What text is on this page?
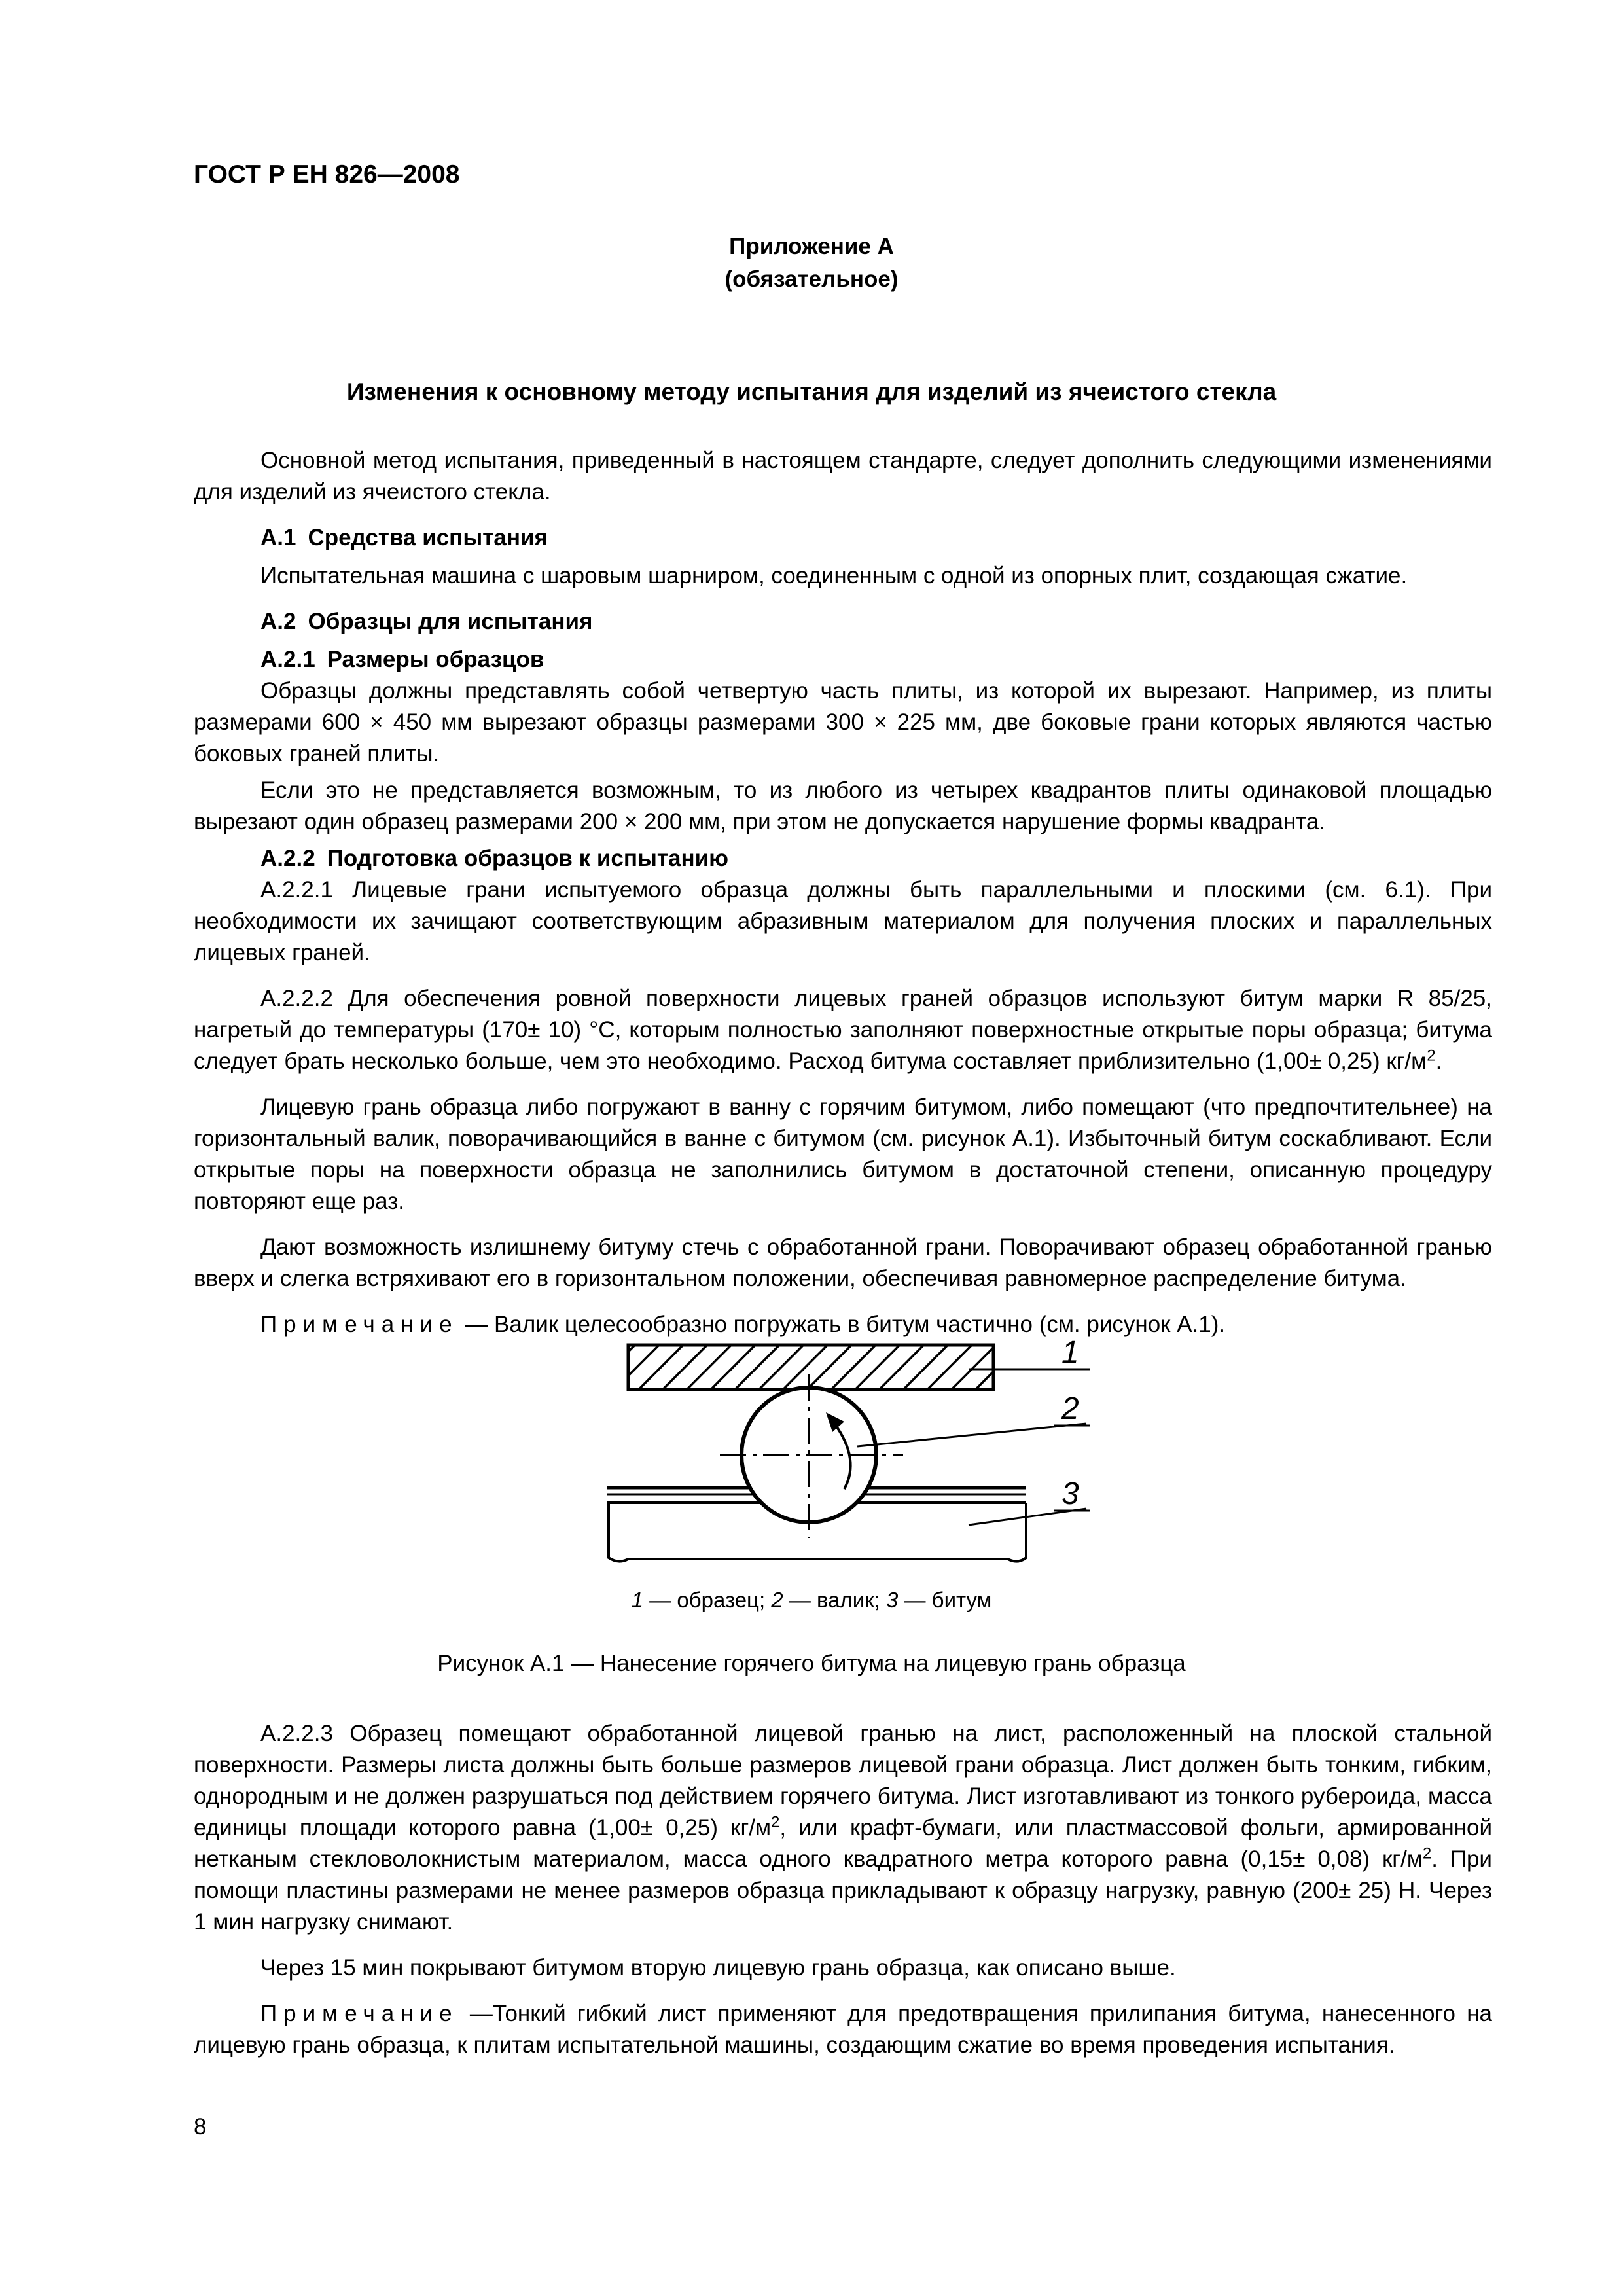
ГОСТ Р ЕН 826—2008
Приложение А
(обязательное)
Изменения к основному методу испытания для изделий из ячеистого стекла

Основной метод испытания, приведенный в настоящем стандарте, следует дополнить следующими изменениями для изделий из ячеистого стекла.

А.1 Средства испытания

Испытательная машина с шаровым шарниром, соединенным с одной из опорных плит, создающая сжатие.

А.2 Образцы для испытания
А.2.1 Размеры образцов

Образцы должны представлять собой четвертую часть плиты, из которой их вырезают. Например, из плиты размерами 600 × 450 мм вырезают образцы размерами 300 × 225 мм, две боковые грани которых являются частью боковых граней плиты.

Если это не представляется возможным, то из любого из четырех квадрантов плиты одинаковой площадью вырезают один образец размерами 200 × 200 мм, при этом не допускается нарушение формы квадранта.

А.2.2 Подготовка образцов к испытанию

А.2.2.1 Лицевые грани испытуемого образца должны быть параллельными и плоскими (см. 6.1). При необходимости их зачищают соответствующим абразивным материалом для получения плоских и параллельных лицевых граней.

А.2.2.2 Для обеспечения ровной поверхности лицевых граней образцов используют битум марки R 85/25, нагретый до температуры (170± 10) °С, которым полностью заполняют поверхностные открытые поры образца; битума следует брать несколько больше, чем это необходимо. Расход битума составляет приблизительно (1,00± 0,25) $кг/м^2$.

Лицевую грань образца либо погружают в ванну с горячим битумом, либо помещают (что предпочтительнее) на горизонтальный валик, поворачивающийся в ванне с битумом (см. рисунок А.1). Избыточный битум соскабливают. Если открытые поры на поверхности образца не заполнились битумом в достаточной степени, описанную процедуру повторяют еще раз.

Дают возможность излишнему битуму стечь с обработанной грани. Поворачивают образец обработанной гранью вверх и слегка встряхивают его в горизонтальном положении, обеспечивая равномерное распределение битума.

Примечание — Валик целесообразно погружать в битум частично (см. рисунок А.1).

1
2
3
1 — образец; 2 — валик; 3 — битум
Рисунок А.1 — Нанесение горячего битума на лицевую грань образца

А.2.2.3 Образец помещают обработанной лицевой гранью на лист, расположенный на плоской стальной поверхности. Размеры листа должны быть больше размеров лицевой грани образца. Лист должен быть тонким, гибким, однородным и не должен разрушаться под действием горячего битума. Лист изготавливают из тонкого рубероида, масса единицы площади которого равна (1,00± 0,25) $кг/м^2$, или крафт-бумаги, или пластмассовой фольги, армированной нетканым стекловолокнистым материалом, масса одного квадратного метра которого равна (0,15± 0,08) $кг/м^2$. При помощи пластины размерами не менее размеров образца прикладывают к образцу нагрузку, равную (200± 25) Н. Через 1 мин нагрузку снимают.

Через 15 мин покрывают битумом вторую лицевую грань образца, как описано выше.

Примечание —Тонкий гибкий лист применяют для предотвращения прилипания битума, нанесенного на лицевую грань образца, к плитам испытательной машины, создающим сжатие во время проведения испытания.

8
